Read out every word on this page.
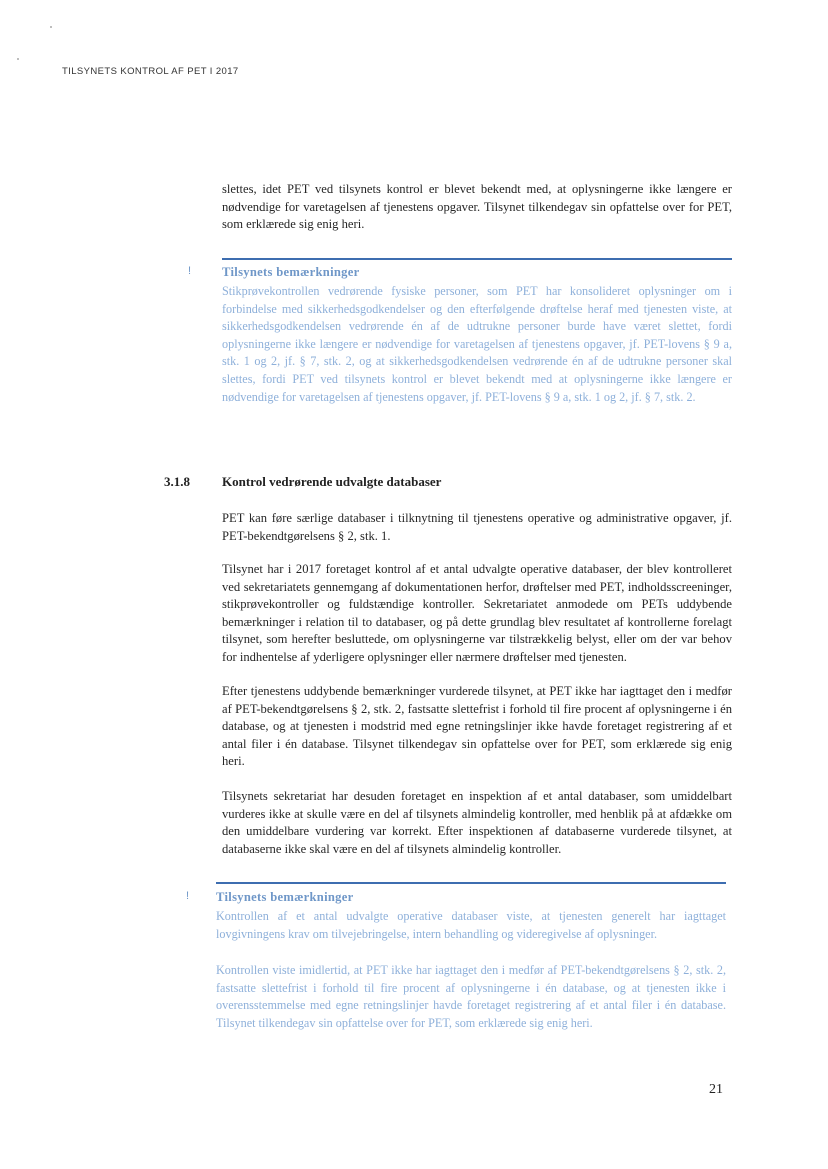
TILSYNETS KONTROL AF PET I 2017

slettes, idet PET ved tilsynets kontrol er blevet bekendt med, at oplysningerne ikke længere er nødvendige for varetagelsen af tjenestens opgaver. Tilsynet tilkendegav sin opfattelse over for PET, som erklærede sig enig heri.

! Tilsynets bemærkninger

Stikprøvekontrollen vedrørende fysiske personer, som PET har konsolideret oplysninger om i forbindelse med sikkerhedsgodkendelser og den efterfølgende drøftelse heraf med tjenesten viste, at sikkerhedsgodkendelsen vedrørende én af de udtrukne personer burde have været slettet, fordi oplysningerne ikke længere er nødvendige for varetagelsen af tjenestens opgaver, jf. PET-lovens § 9 a, stk. 1 og 2, jf. § 7, stk. 2, og at sikkerhedsgodkendelsen vedrørende én af de udtrukne personer skal slettes, fordi PET ved tilsynets kontrol er blevet bekendt med at oplysningerne ikke længere er nødvendige for varetagelsen af tjenestens opgaver, jf. PET-lovens § 9 a, stk. 1 og 2, jf. § 7, stk. 2.

3.1.8 Kontrol vedrørende udvalgte databaser

PET kan føre særlige databaser i tilknytning til tjenestens operative og administrative opgaver, jf. PET-bekendtgørelsens § 2, stk. 1.

Tilsynet har i 2017 foretaget kontrol af et antal udvalgte operative databaser, der blev kontrolleret ved sekretariatets gennemgang af dokumentationen herfor, drøftelser med PET, indholdsscreeninger, stikprøvekontroller og fuldstændige kontroller. Sekretariatet anmodede om PETs uddybende bemærkninger i relation til to databaser, og på dette grundlag blev resultatet af kontrollerne forelagt tilsynet, som herefter besluttede, om oplysningerne var tilstrækkelig belyst, eller om der var behov for indhentelse af yderligere oplysninger eller nærmere drøftelser med tjenesten.

Efter tjenestens uddybende bemærkninger vurderede tilsynet, at PET ikke har iagttaget den i medfør af PET-bekendtgørelsens § 2, stk. 2, fastsatte slettefrist i forhold til fire procent af oplysningerne i én database, og at tjenesten i modstrid med egne retningslinjer ikke havde foretaget registrering af et antal filer i én database. Tilsynet tilkendegav sin opfattelse over for PET, som erklærede sig enig heri.

Tilsynets sekretariat har desuden foretaget en inspektion af et antal databaser, som umiddelbart vurderes ikke at skulle være en del af tilsynets almindelig kontroller, med henblik på at afdække om den umiddelbare vurdering var korrekt. Efter inspektionen af databaserne vurderede tilsynet, at databaserne ikke skal være en del af tilsynets almindelig kontroller.

! Tilsynets bemærkninger

Kontrollen af et antal udvalgte operative databaser viste, at tjenesten generelt har iagttaget lovgivningens krav om tilvejebringelse, intern behandling og videregivelse af oplysninger.

Kontrollen viste imidlertid, at PET ikke har iagttaget den i medfør af PET-bekendtgørelsens § 2, stk. 2, fastsatte slettefrist i forhold til fire procent af oplysningerne i én database, og at tjenesten ikke i overensstemmelse med egne retningslinjer havde foretaget registrering af et antal filer i én database. Tilsynet tilkendegav sin opfattelse over for PET, som erklærede sig enig heri.

21
